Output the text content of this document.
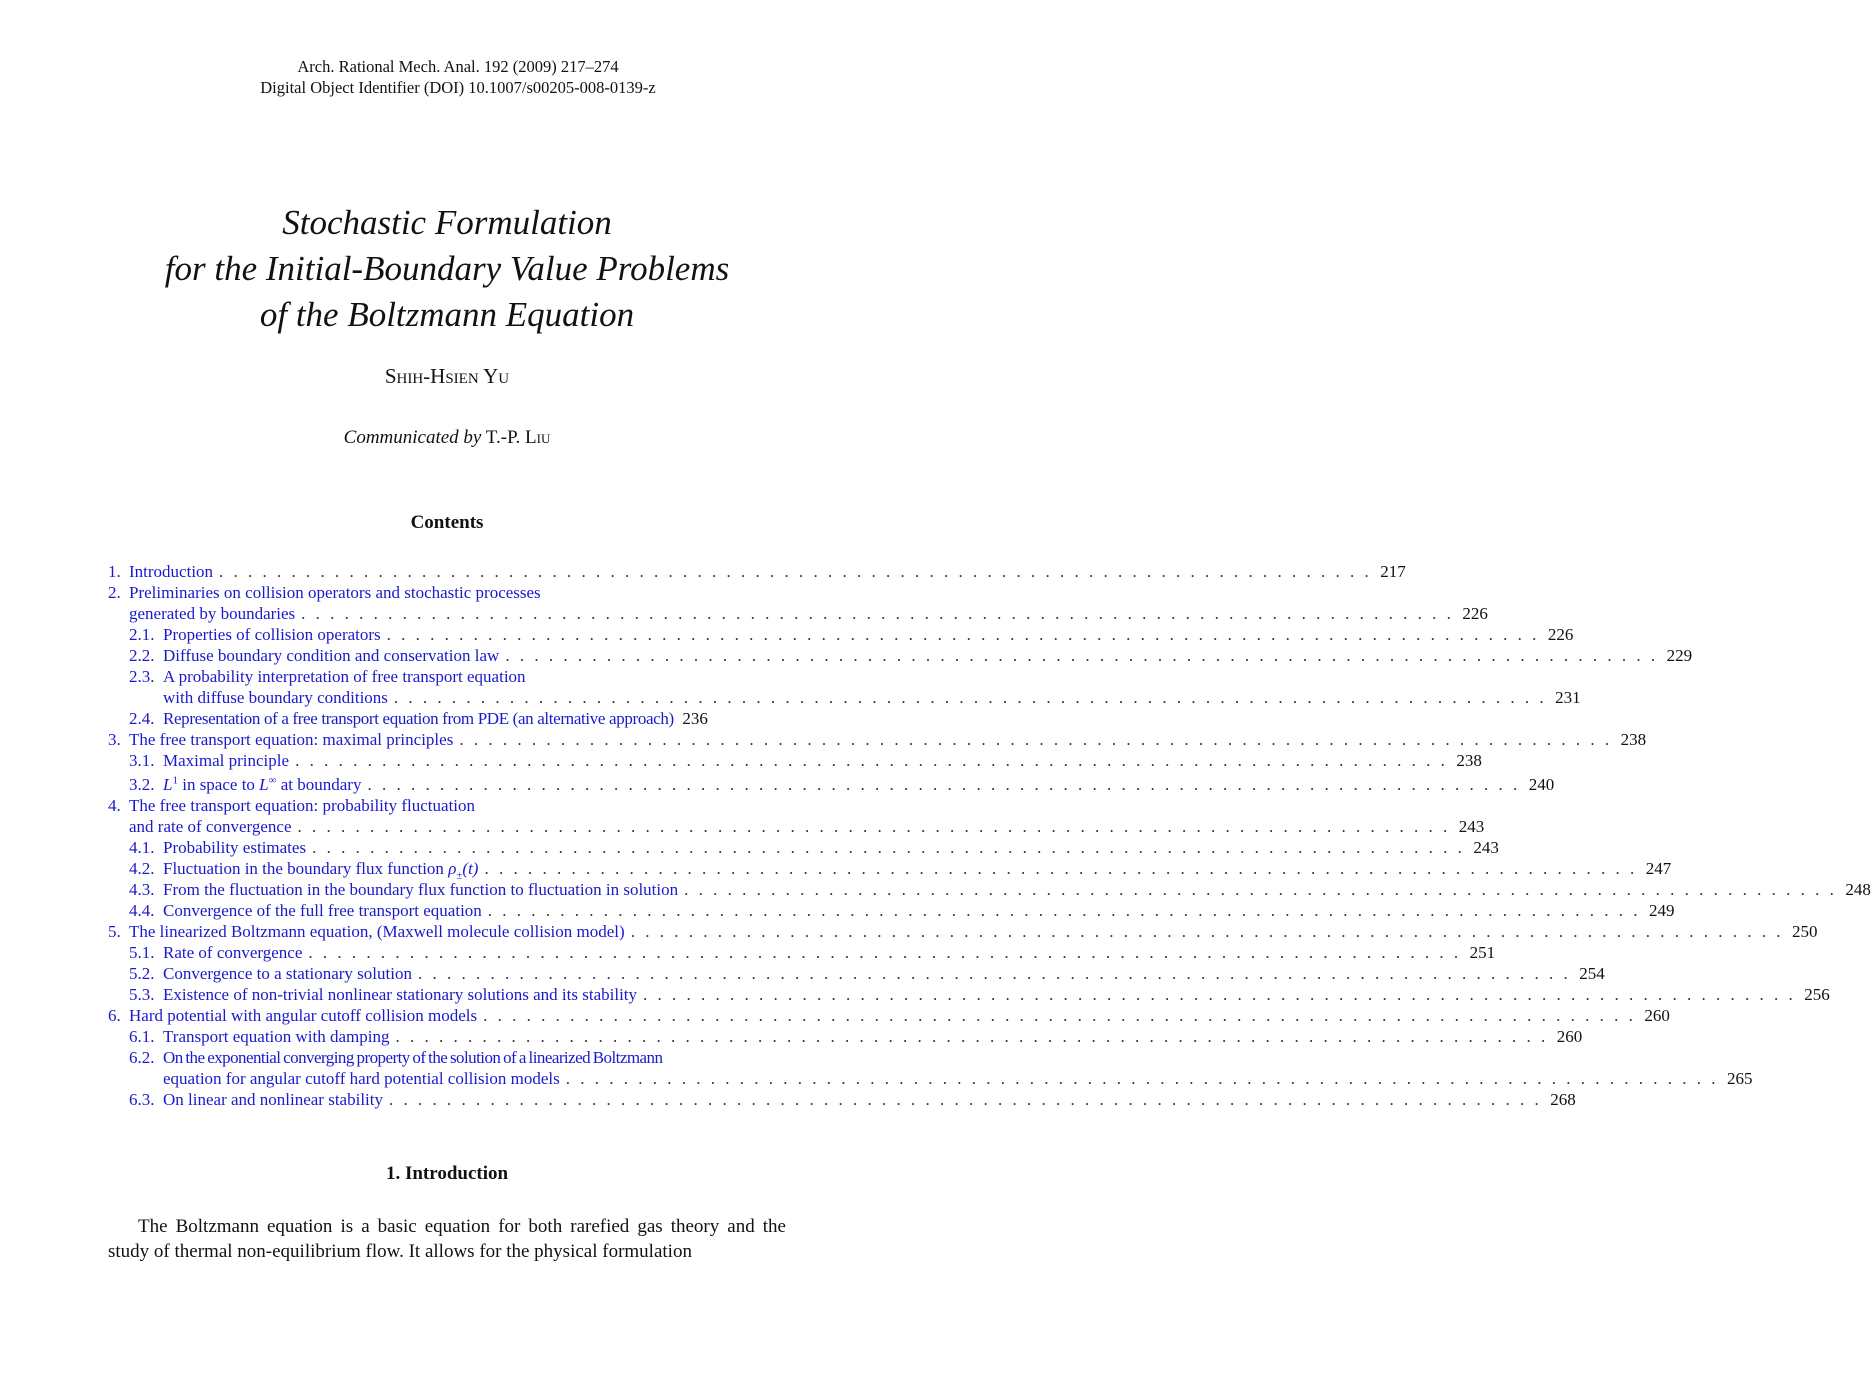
Arch. Rational Mech. Anal. 192 (2009) 217–274
Digital Object Identifier (DOI) 10.1007/s00205-008-0139-z
Stochastic Formulation
for the Initial-Boundary Value Problems
of the Boltzmann Equation
Shih-Hsien Yu
Communicated by T.-P. Liu
Contents
1. Introduction . . .	217
2. Preliminaries on collision operators and stochastic processes
generated by boundaries . . .	226
2.1. Properties of collision operators . . .	226
2.2. Diffuse boundary condition and conservation law . . .	229
2.3. A probability interpretation of free transport equation
with diffuse boundary conditions . . .	231
2.4. Representation of a free transport equation from PDE (an alternative approach) 236
3. The free transport equation: maximal principles . . .	238
3.1. Maximal principle . . .	238
3.2. $L^1$ in space to L∞ at boundary . . .	240
4. The free transport equation: probability fluctuation
and rate of convergence . . .	243
4.1. Probability estimates . . .	243
4.2. Fluctuation in the boundary flux function $\rho_\pm(t)$ . . .	247
4.3. From the fluctuation in the boundary flux function to fluctuation in solution . . .	248
4.4. Convergence of the full free transport equation . . .	249
5. The linearized Boltzmann equation, (Maxwell molecule collision model) . . .	250
5.1. Rate of convergence . . .	251
5.2. Convergence to a stationary solution . . .	254
5.3. Existence of non-trivial nonlinear stationary solutions and its stability . . .	256
6. Hard potential with angular cutoff collision models . . .	260
6.1. Transport equation with damping . . .	260
6.2. On the exponential converging property of the solution of a linearized Boltzmann
equation for angular cutoff hard potential collision models . . .	265
6.3. On linear and nonlinear stability . . .	268
1. Introduction
The Boltzmann equation is a basic equation for both rarefied gas theory and the study of thermal non-equilibrium flow. It allows for the physical formulation
